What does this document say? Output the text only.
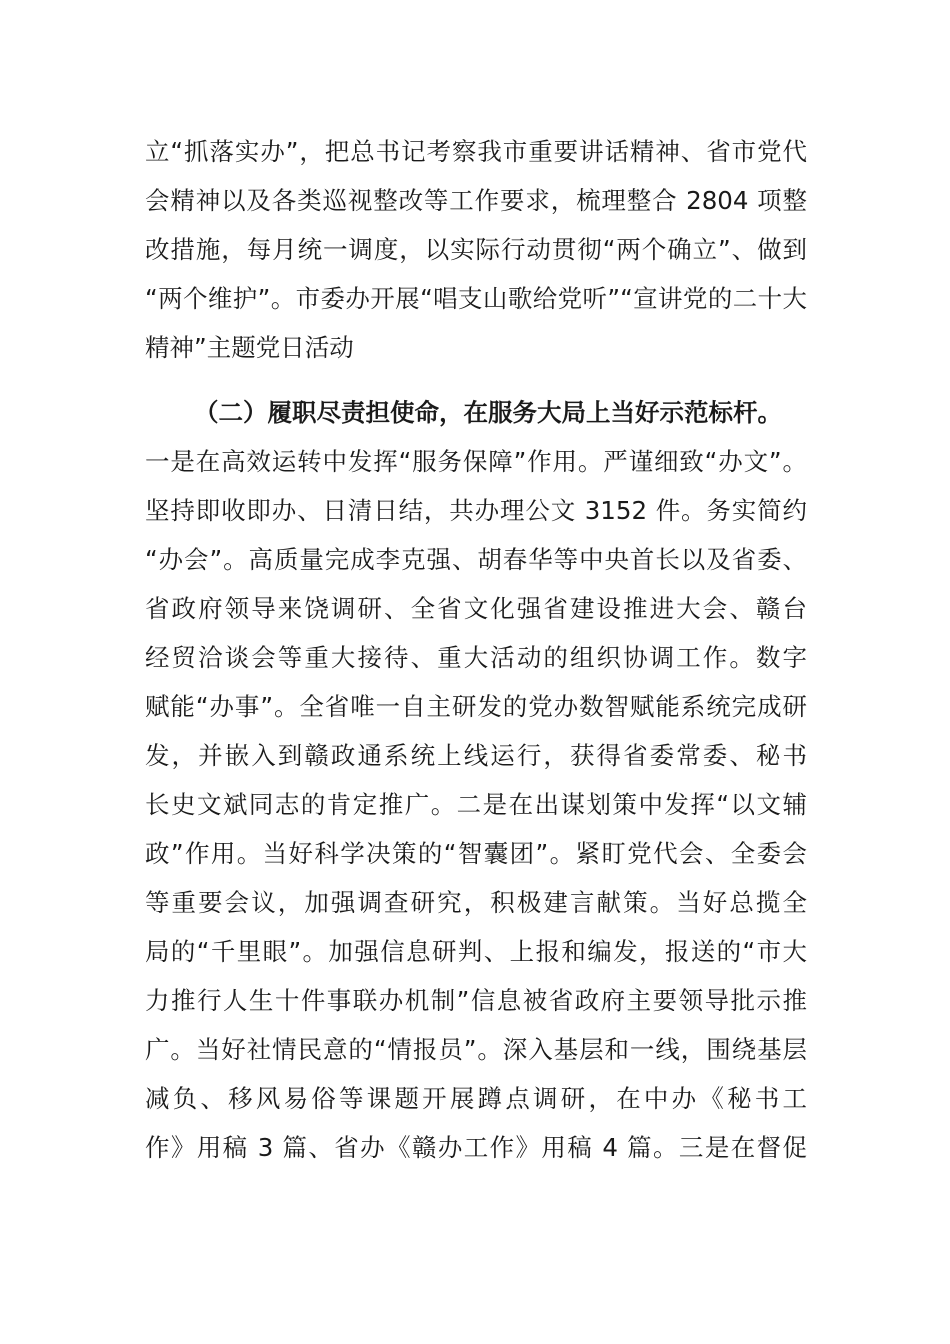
立“抓落实办”，把总书记考察我市重要讲话精神、省市党代
会精神以及各类巡视整改等工作要求，梳理整合 2804 项整
改措施，每月统一调度，以实际行动贯彻“两个确立”、做到
“两个维护”。市委办开展“唱支山歌给党听”“宣讲党的二十大
精神”主题党日活动
（二）履职尽责担使命，在服务大局上当好示范标杆。
一是在高效运转中发挥“服务保障”作用。严谨细致“办文”。
坚持即收即办、日清日结，共办理公文 3152 件。务实简约
“办会”。高质量完成李克强、胡春华等中央首长以及省委、
省政府领导来饶调研、全省文化强省建设推进大会、赣台
经贸洽谈会等重大接待、重大活动的组织协调工作。数字
赋能“办事”。全省唯一自主研发的党办数智赋能系统完成研
发，并嵌入到赣政通系统上线运行，获得省委常委、秘书
长史文斌同志的肯定推广。二是在出谋划策中发挥“以文辅
政”作用。当好科学决策的“智囊团”。紧盯党代会、全委会
等重要会议，加强调查研究，积极建言献策。当好总揽全
局的“千里眼”。加强信息研判、上报和编发，报送的“市大
力推行人生十件事联办机制”信息被省政府主要领导批示推
广。当好社情民意的“情报员”。深入基层和一线，围绕基层
减负、移风易俗等课题开展蹲点调研，在中办《秘书工
作》用稿 3 篇、省办《赣办工作》用稿 4 篇。三是在督促
